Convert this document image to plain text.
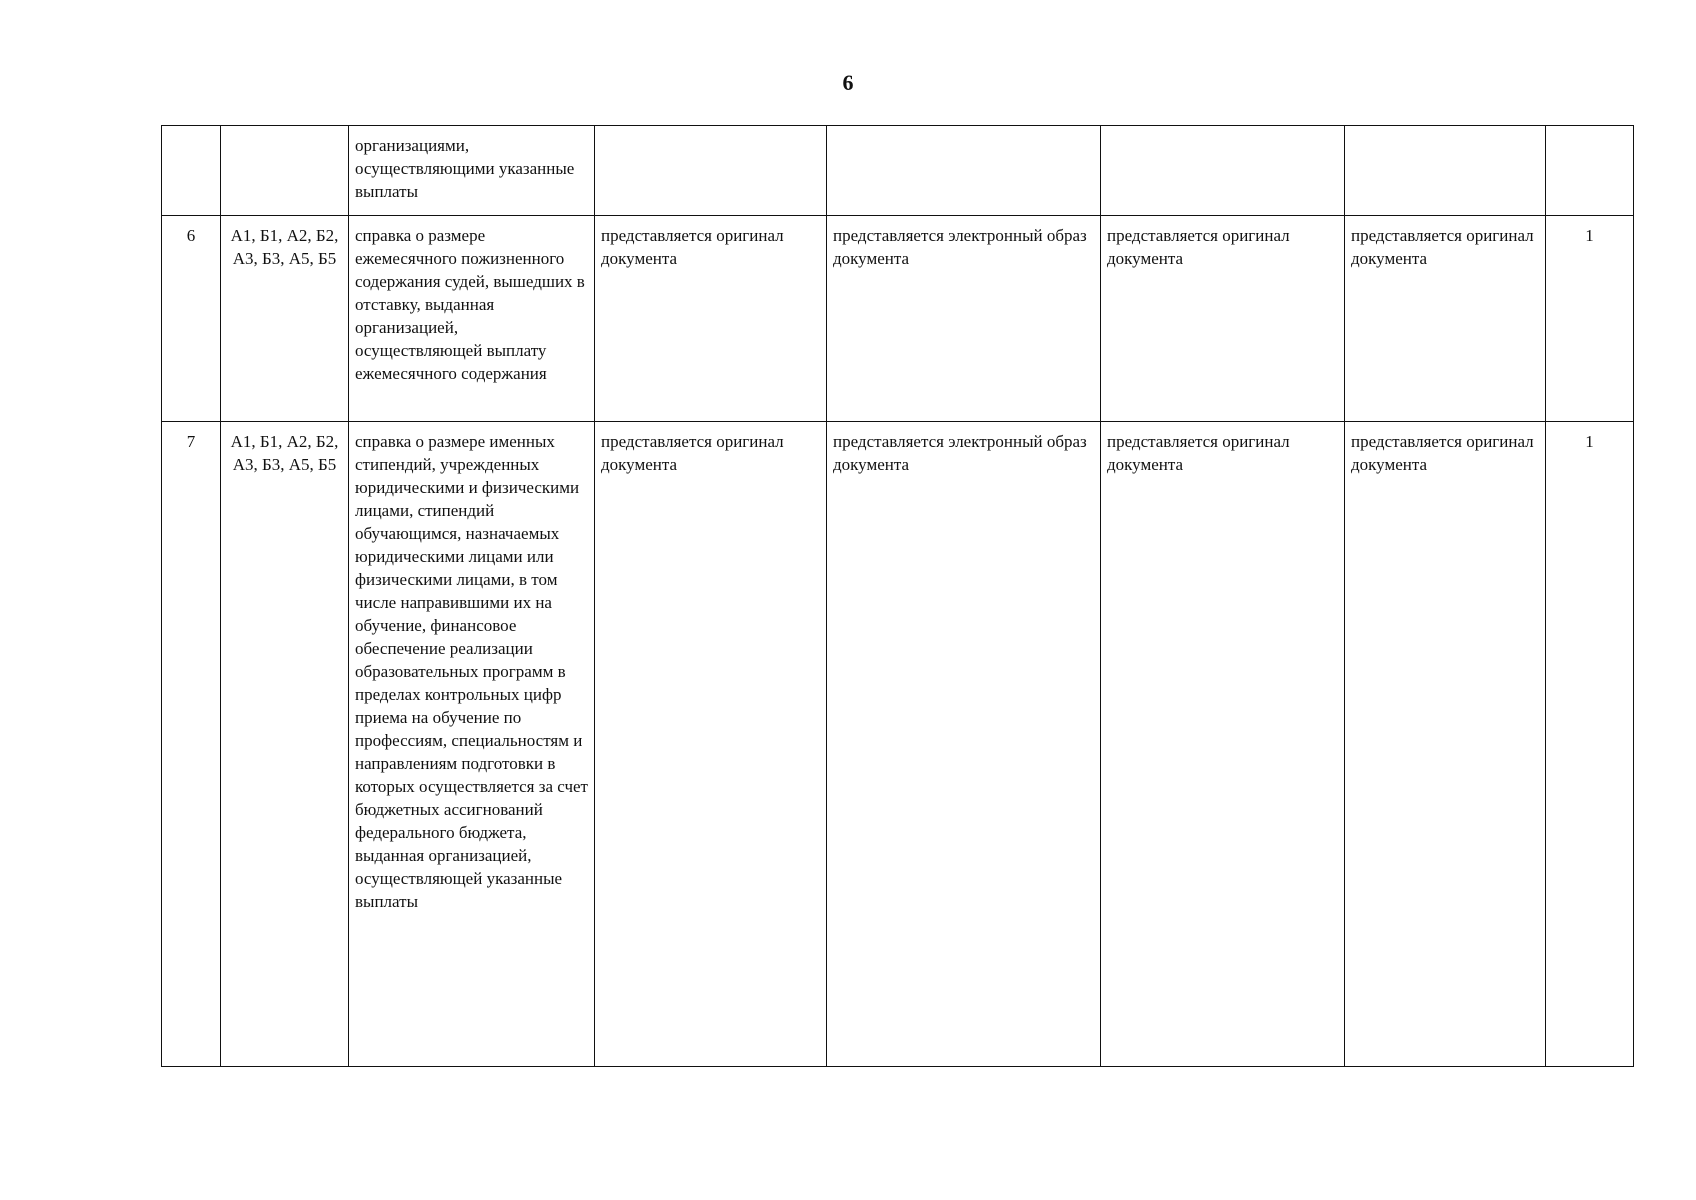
6
		организациями, осуществляющими указанные выплаты					
6	А1, Б1, А2, Б2, А3, Б3, А5, Б5	справка о размере ежемесячного пожизненного содержания судей, вышедших в отставку, выданная организацией, осуществляющей выплату ежемесячного содержания	представляется оригинал документа	представляется электронный образ документа	представляется оригинал документа	представляется оригинал документа	1
7	А1, Б1, А2, Б2, А3, Б3, А5, Б5	справка о размере именных стипендий, учрежденных юридическими и физическими лицами, стипендий обучающимся, назначаемых юридическими лицами или физическими лицами, в том числе направившими их на обучение, финансовое обеспечение реализации образовательных программ в пределах контрольных цифр приема на обучение по профессиям, специальностям и направлениям подготовки в которых осуществляется за счет бюджетных ассигнований федерального бюджета, выданная организацией, осуществляющей указанные выплаты	представляется оригинал документа	представляется электронный образ документа	представляется оригинал документа	представляется оригинал документа	1
